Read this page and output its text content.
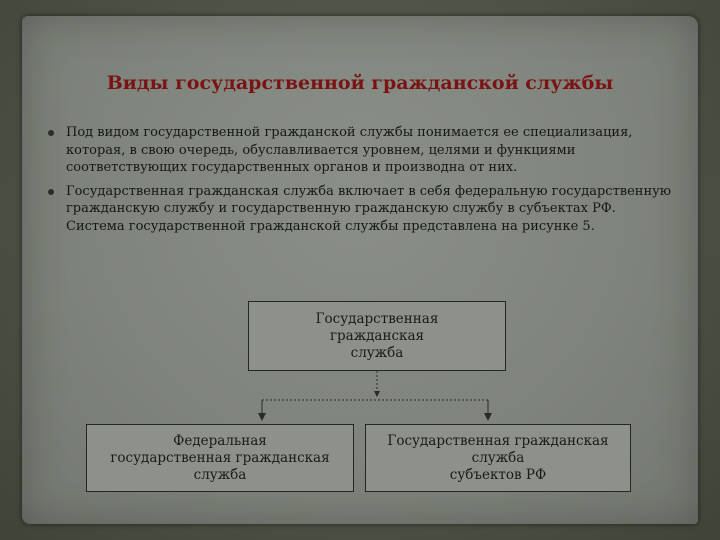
Виды государственной гражданской службы
Под видом государственной гражданской службы понимается ее специализация, которая, в свою очередь, обуславливается уровнем, целями и функциями соответствующих государственных органов и производна от них.
Государственная гражданская служба включает в себя федеральную государственную гражданскую службу и государственную гражданскую службу в субъектах РФ. Система государственной гражданской службы представлена на рисунке 5.
Государственная
гражданская
служба
Федеральная
государственная гражданская
служба
Государственная гражданская
служба
субъектов РФ
